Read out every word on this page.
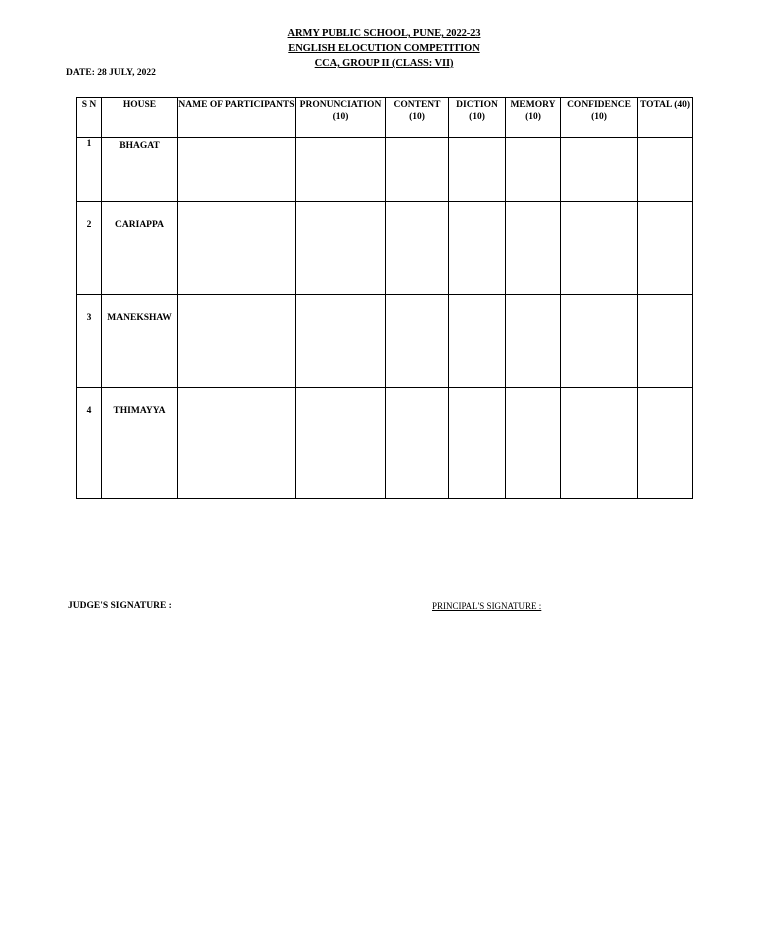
ARMY PUBLIC SCHOOL, PUNE, 2022-23
ENGLISH ELOCUTION COMPETITION
CCA, GROUP II (CLASS: VII)
DATE: 28 JULY, 2022
S N	HOUSE	NAME OF PARTICIPANTS	PRONUNCIATION (10)	CONTENT (10)	DICTION (10)	MEMORY (10)	CONFIDENCE (10)	TOTAL (40)
1	BHAGAT							
2	CARIAPPA							
3	MANEKSHAW							
4	THIMAYYA							
JUDGE'S SIGNATURE :	PRINCIPAL'S SIGNATURE :
